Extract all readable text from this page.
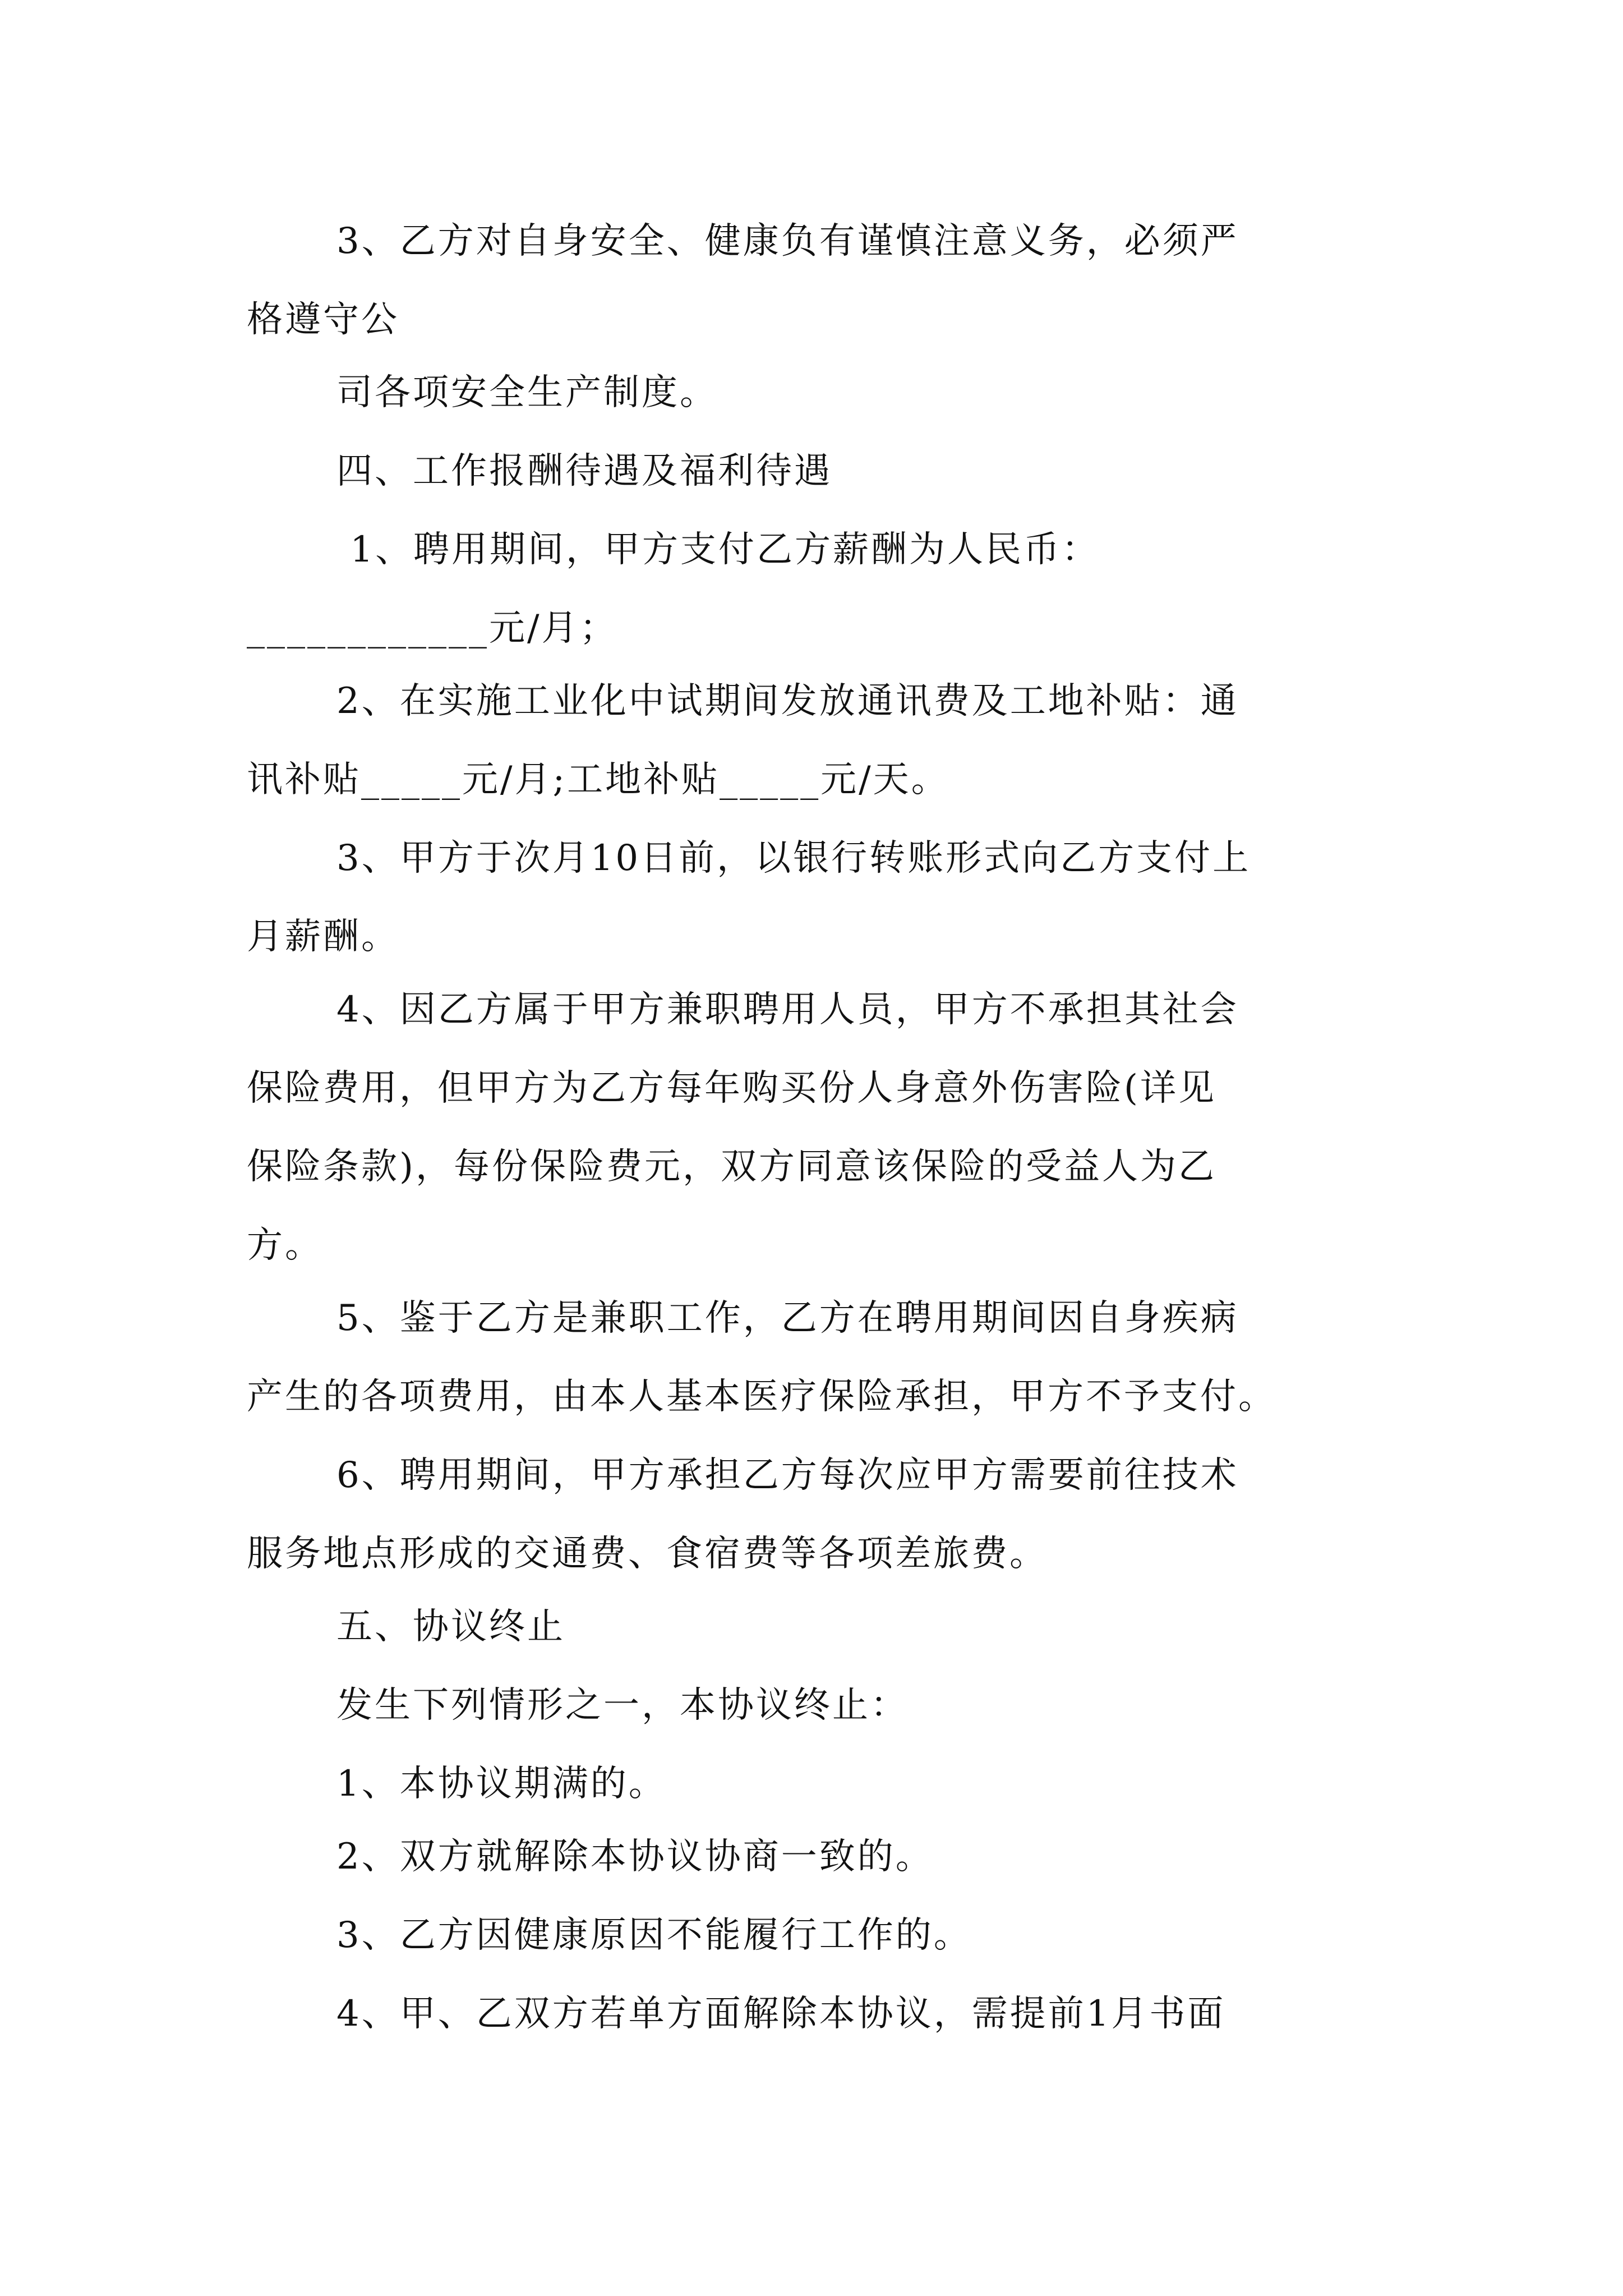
3、乙方对自身安全、健康负有谨慎注意义务，必须严
格遵守公
司各项安全生产制度。
四、工作报酬待遇及福利待遇
1、聘用期间，甲方支付乙方薪酬为人民币：
____________元/月；
2、在实施工业化中试期间发放通讯费及工地补贴：通
讯补贴_____元/月;工地补贴_____元/天。
3、甲方于次月10日前，以银行转账形式向乙方支付上
月薪酬。
4、因乙方属于甲方兼职聘用人员，甲方不承担其社会
保险费用，但甲方为乙方每年购买份人身意外伤害险(详见
保险条款)，每份保险费元，双方同意该保险的受益人为乙
方。
5、鉴于乙方是兼职工作，乙方在聘用期间因自身疾病
产生的各项费用，由本人基本医疗保险承担，甲方不予支付。
6、聘用期间，甲方承担乙方每次应甲方需要前往技术
服务地点形成的交通费、食宿费等各项差旅费。
五、协议终止
发生下列情形之一，本协议终止：
1、本协议期满的。
2、双方就解除本协议协商一致的。
3、乙方因健康原因不能履行工作的。
4、甲、乙双方若单方面解除本协议，需提前1月书面
